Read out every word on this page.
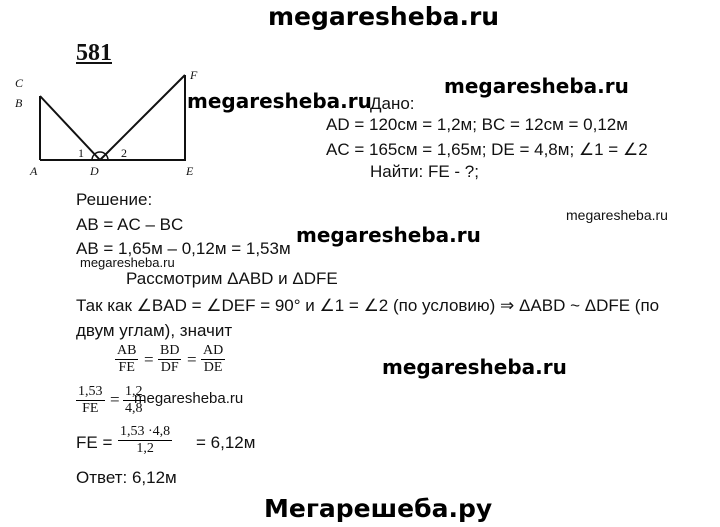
megaresheba.ru
megaresheba.ru
megaresheba.ru
megaresheba.ru
megaresheba.ru
megaresheba.ru
megaresheba.ru
megaresheba.ru
Мегарешеба.ру
581
C
B
A	D	E
F
1	2
Дано:
AD = 120см = 1,2м; BC = 12см = 0,12м
AC = 165см = 1,65м; DE = 4,8м; ∠1 = ∠2
Найти: FE - ?;
Решение:
AB = AC – BC
AB = 1,65м – 0,12м = 1,53м
Рассмотрим ΔABD и ΔDFE
Так как ∠BAD = ∠DEF = 90° и ∠1 = ∠2 (по условию) ⇒ ΔABD ~ ΔDFE (по
двум углам), значит
$\frac{AB}{FE} = \frac{BD}{DF} = \frac{AD}{DE}$
$\frac{1,53}{FE} = \frac{1,2}{4,8}$
FE = $\frac{1,53 \cdot 4,8}{1,2} = 6,12м$
Ответ: 6,12м
